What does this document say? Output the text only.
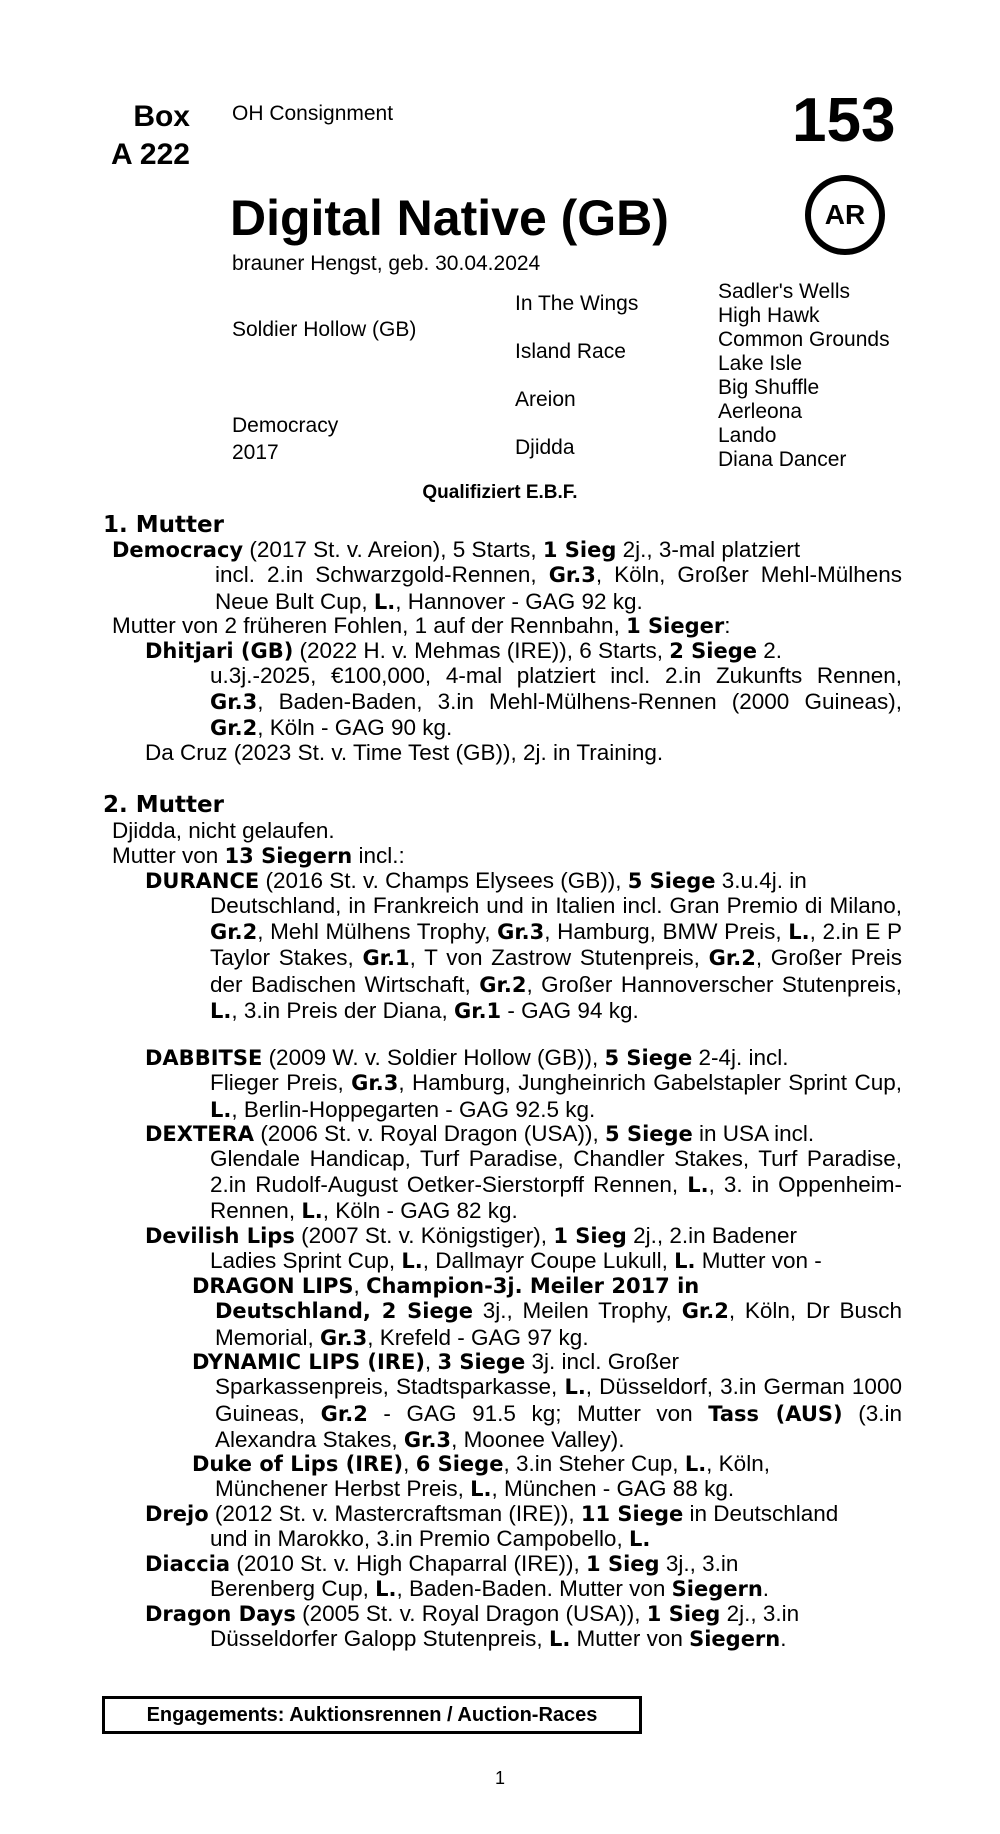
Box
A 222
OH Consignment	153
Digital Native (GB)	AR
brauner Hengst, geb. 30.04.2024
Soldier Hollow (GB)
Democracy
2017
In The Wings
Island Race
Areion
Djidda
Sadler's Wells
High Hawk
Common Grounds
Lake Isle
Big Shuffle
Aerleona
Lando
Diana Dancer
Qualifiziert E.B.F.
1. Mutter
Democracy (2017 St. v. Areion), 5 Starts, 1 Sieg 2j., 3-mal platziert
incl. 2.in Schwarzgold-Rennen, Gr.3, Köln, Großer Mehl-Mülhens Neue Bult Cup, L., Hannover - GAG 92 kg.
Mutter von 2 früheren Fohlen, 1 auf der Rennbahn, 1 Sieger:
Dhitjari (GB) (2022 H. v. Mehmas (IRE)), 6 Starts, 2 Siege 2.
u.3j.-2025, €100,000, 4-mal platziert incl. 2.in Zukunfts Rennen, Gr.3, Baden-Baden, 3.in Mehl-Mülhens-Rennen (2000 Guineas), Gr.2, Köln - GAG 90 kg.
Da Cruz (2023 St. v. Time Test (GB)), 2j. in Training.
2. Mutter
Djidda, nicht gelaufen.
Mutter von 13 Siegern incl.:
DURANCE (2016 St. v. Champs Elysees (GB)), 5 Siege 3.u.4j. in
Deutschland, in Frankreich und in Italien incl. Gran Premio di Milano, Gr.2, Mehl Mülhens Trophy, Gr.3, Hamburg, BMW Preis, L., 2.in E P Taylor Stakes, Gr.1, T von Zastrow Stutenpreis, Gr.2, Großer Preis der Badischen Wirtschaft, Gr.2, Großer Hannoverscher Stutenpreis, L., 3.in Preis der Diana, Gr.1 - GAG 94 kg.
DABBITSE (2009 W. v. Soldier Hollow (GB)), 5 Siege 2-4j. incl.
Flieger Preis, Gr.3, Hamburg, Jungheinrich Gabelstapler Sprint Cup, L., Berlin-Hoppegarten - GAG 92.5 kg.
DEXTERA (2006 St. v. Royal Dragon (USA)), 5 Siege in USA incl.
Glendale Handicap, Turf Paradise, Chandler Stakes, Turf Paradise, 2.in Rudolf-August Oetker-Sierstorpff Rennen, L., 3. in Oppenheim-Rennen, L., Köln - GAG 82 kg.
Devilish Lips (2007 St. v. Königstiger), 1 Sieg 2j., 2.in Badener
Ladies Sprint Cup, L., Dallmayr Coupe Lukull, L. Mutter von -
DRAGON LIPS, Champion-3j. Meiler 2017 in
Deutschland, 2 Siege 3j., Meilen Trophy, Gr.2, Köln, Dr Busch Memorial, Gr.3, Krefeld - GAG 97 kg.
DYNAMIC LIPS (IRE), 3 Siege 3j. incl. Großer
Sparkassenpreis, Stadtsparkasse, L., Düsseldorf, 3.in German 1000 Guineas, Gr.2 - GAG 91.5 kg; Mutter von Tass (AUS) (3.in Alexandra Stakes, Gr.3, Moonee Valley).
Duke of Lips (IRE), 6 Siege, 3.in Steher Cup, L., Köln,
Münchener Herbst Preis, L., München - GAG 88 kg.
Drejo (2012 St. v. Mastercraftsman (IRE)), 11 Siege in Deutschland
und in Marokko, 3.in Premio Campobello, L.
Diaccia (2010 St. v. High Chaparral (IRE)), 1 Sieg 3j., 3.in
Berenberg Cup, L., Baden-Baden. Mutter von Siegern.
Dragon Days (2005 St. v. Royal Dragon (USA)), 1 Sieg 2j., 3.in
Düsseldorfer Galopp Stutenpreis, L. Mutter von Siegern.
Engagements: Auktionsrennen / Auction-Races
1
